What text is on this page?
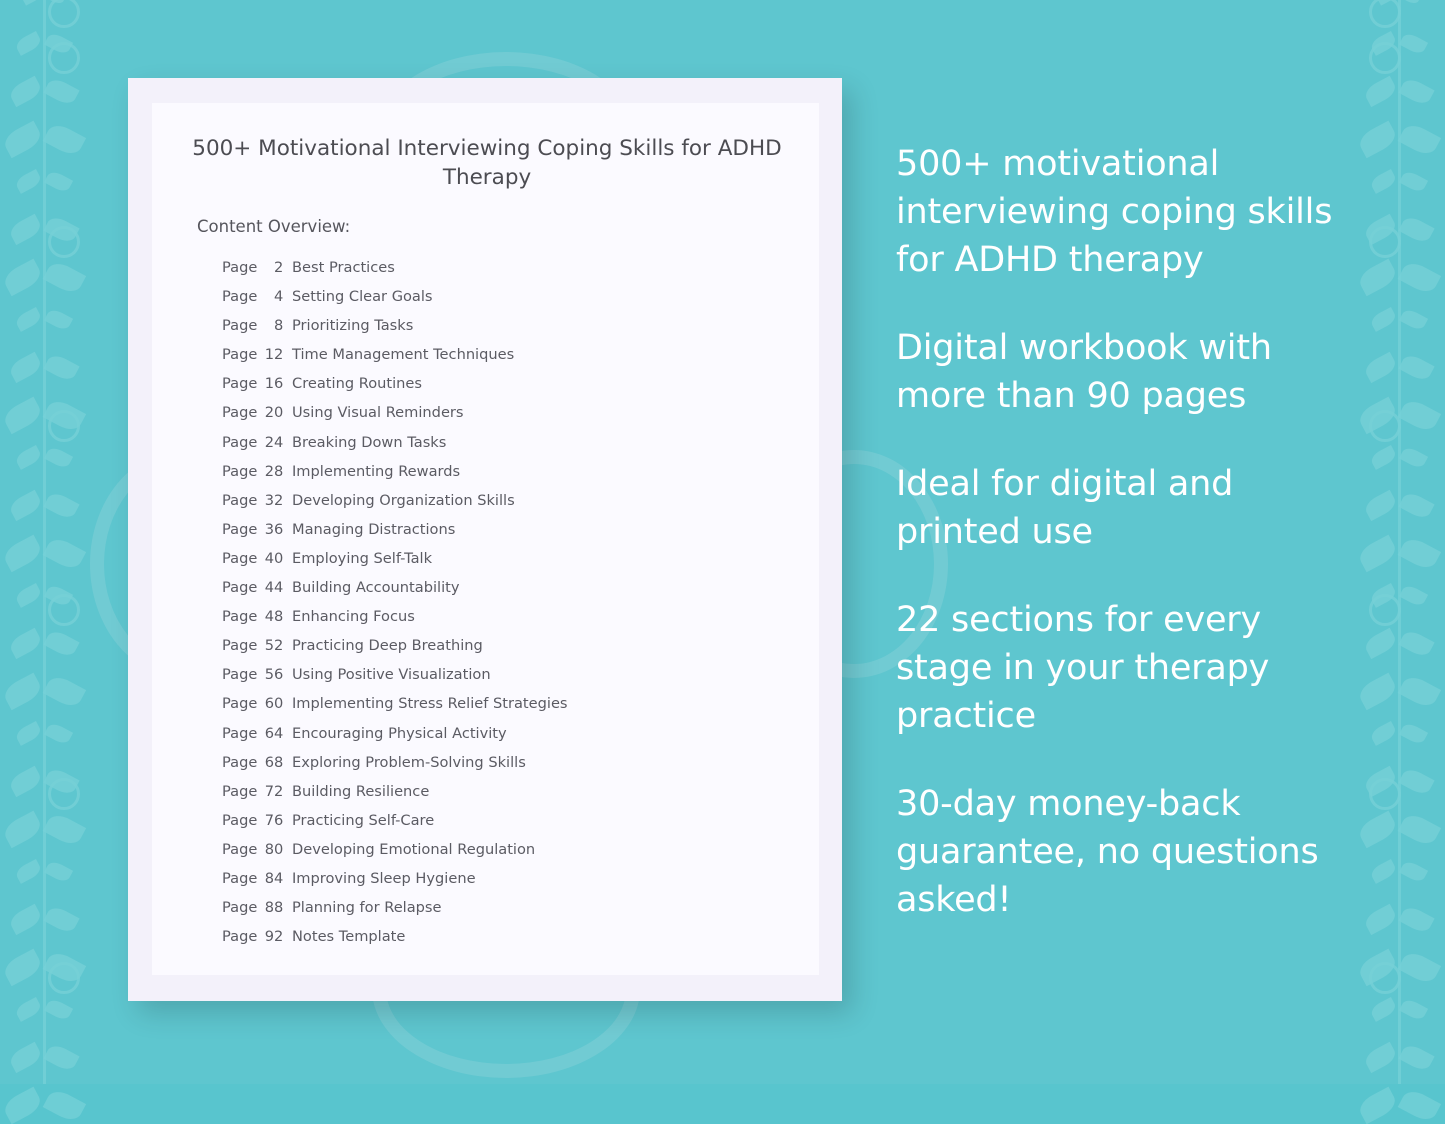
500+ Motivational Interviewing Coping Skills for ADHD Therapy
Content Overview:
Page 2 Best Practices
Page 4 Setting Clear Goals
Page 8 Prioritizing Tasks
Page 12 Time Management Techniques
Page 16 Creating Routines
Page 20 Using Visual Reminders
Page 24 Breaking Down Tasks
Page 28 Implementing Rewards
Page 32 Developing Organization Skills
Page 36 Managing Distractions
Page 40 Employing Self-Talk
Page 44 Building Accountability
Page 48 Enhancing Focus
Page 52 Practicing Deep Breathing
Page 56 Using Positive Visualization
Page 60 Implementing Stress Relief Strategies
Page 64 Encouraging Physical Activity
Page 68 Exploring Problem-Solving Skills
Page 72 Building Resilience
Page 76 Practicing Self-Care
Page 80 Developing Emotional Regulation
Page 84 Improving Sleep Hygiene
Page 88 Planning for Relapse
Page 92 Notes Template
500+ motivational interviewing coping skills for ADHD therapy
Digital workbook with more than 90 pages
Ideal for digital and printed use
22 sections for every stage in your therapy practice
30-day money-back guarantee, no questions asked!
